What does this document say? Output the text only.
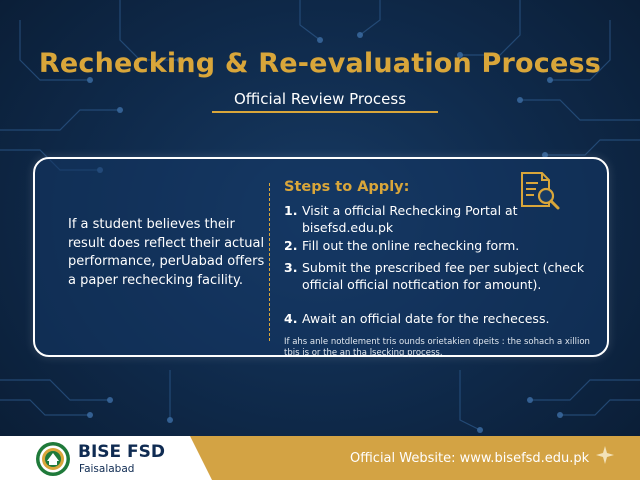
Rechecking & Re-evaluation Process
Official Review Process
If a student believes their result does reflect their actual performance, perUabad offers a paper rechecking facility.
Steps to Apply:
1. Visit a official Rechecking Portal at bisefsd.edu.pk
2. Fill out the online rechecking form.
3. Submit the prescribed fee per subject (check official official notfication for amount).
4. Await an official date for the rechecess.
If ahs anle notdlement tris ounds orietakien dpeits : the sohach a xillion tbis is or the an tha lsecking process.
BISE FSD
Faisalabad
Official Website: www.bisefsd.edu.pk
